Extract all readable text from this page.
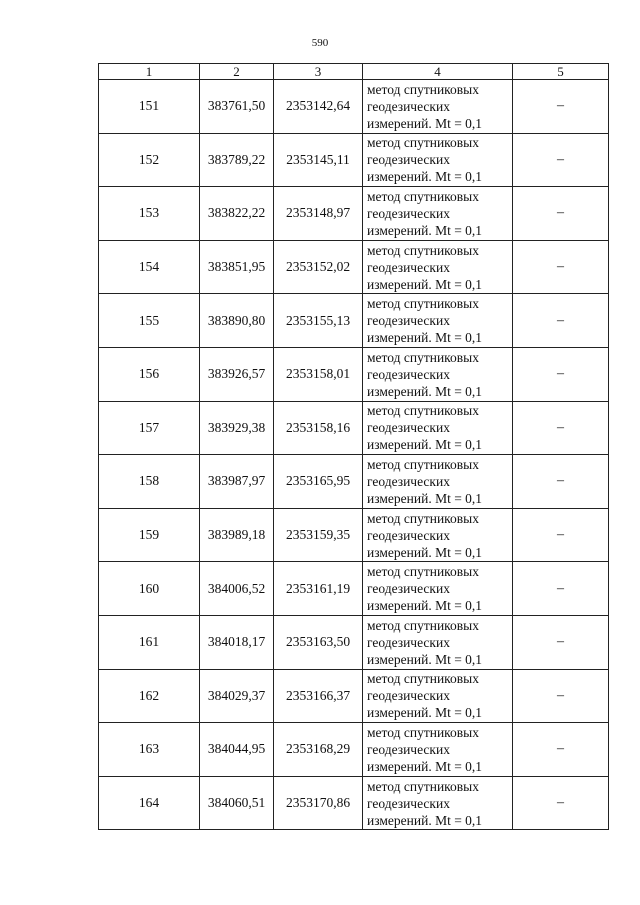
590
1	2	3	4	5
151	383761,50	2353142,64	метод спутниковых
геодезических
измерений. Mt = 0,1	–
152	383789,22	2353145,11	метод спутниковых
геодезических
измерений. Mt = 0,1	–
153	383822,22	2353148,97	метод спутниковых
геодезических
измерений. Mt = 0,1	–
154	383851,95	2353152,02	метод спутниковых
геодезических
измерений. Mt = 0,1	–
155	383890,80	2353155,13	метод спутниковых
геодезических
измерений. Mt = 0,1	–
156	383926,57	2353158,01	метод спутниковых
геодезических
измерений. Mt = 0,1	–
157	383929,38	2353158,16	метод спутниковых
геодезических
измерений. Mt = 0,1	–
158	383987,97	2353165,95	метод спутниковых
геодезических
измерений. Mt = 0,1	–
159	383989,18	2353159,35	метод спутниковых
геодезических
измерений. Mt = 0,1	–
160	384006,52	2353161,19	метод спутниковых
геодезических
измерений. Mt = 0,1	–
161	384018,17	2353163,50	метод спутниковых
геодезических
измерений. Mt = 0,1	–
162	384029,37	2353166,37	метод спутниковых
геодезических
измерений. Mt = 0,1	–
163	384044,95	2353168,29	метод спутниковых
геодезических
измерений. Mt = 0,1	–
164	384060,51	2353170,86	метод спутниковых
геодезических
измерений. Mt = 0,1	–
